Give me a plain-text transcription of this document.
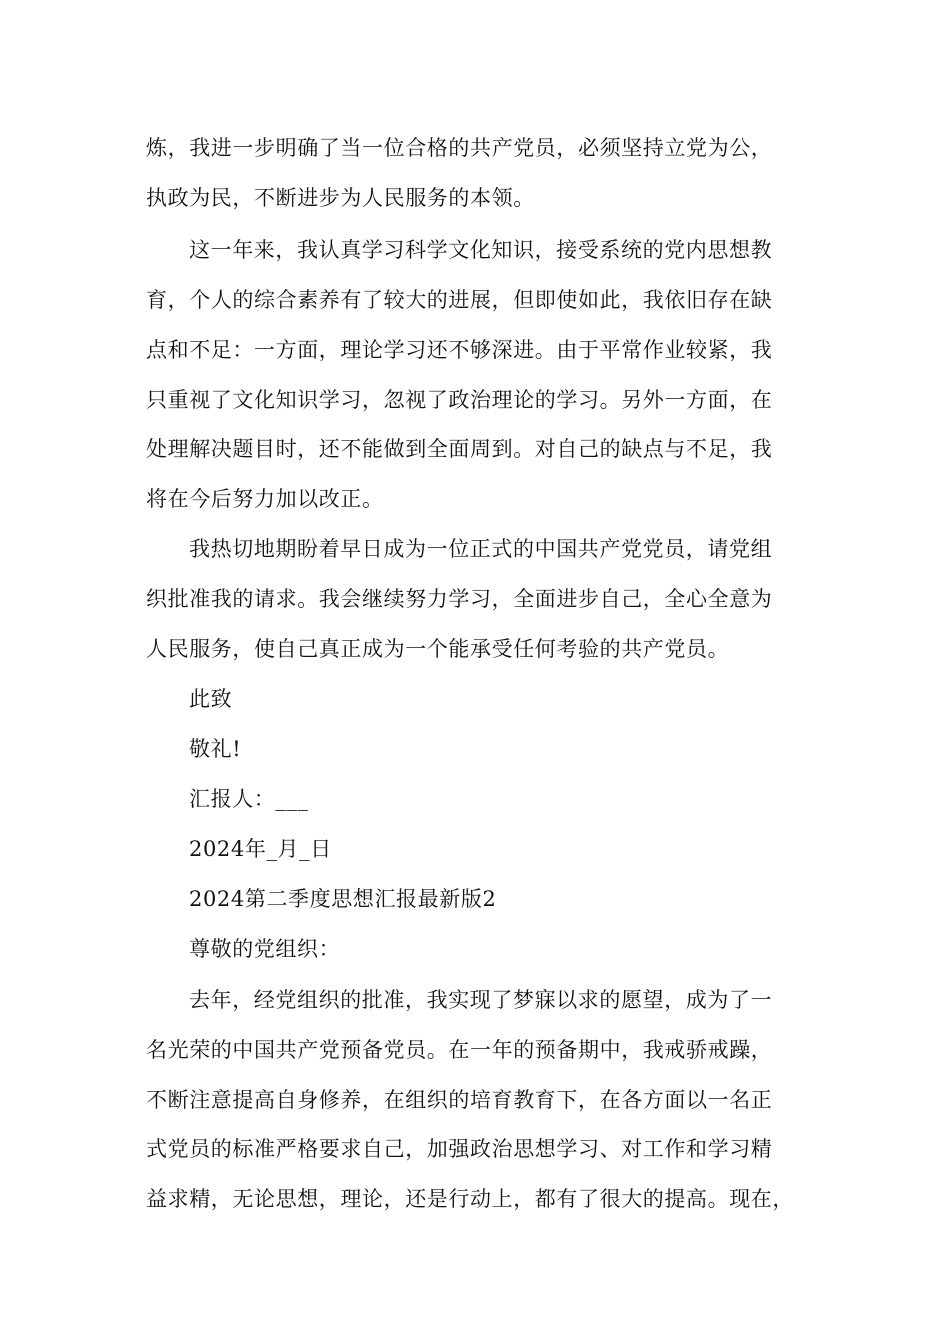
炼，我进一步明确了当一位合格的共产党员，必须坚持立党为公，
执政为民，不断进步为人民服务的本领。
这一年来，我认真学习科学文化知识，接受系统的党内思想教
育，个人的综合素养有了较大的进展，但即使如此，我依旧存在缺
点和不足：一方面，理论学习还不够深进。由于平常作业较紧，我
只重视了文化知识学习，忽视了政治理论的学习。另外一方面，在
处理解决题目时，还不能做到全面周到。对自己的缺点与不足，我
将在今后努力加以改正。
我热切地期盼着早日成为一位正式的中国共产党党员，请党组
织批准我的请求。我会继续努力学习，全面进步自己，全心全意为
人民服务，使自己真正成为一个能承受任何考验的共产党员。
此致
敬礼!
汇报人：___
2024年_月_日
2024第二季度思想汇报最新版2
尊敬的党组织：
去年，经党组织的批准，我实现了梦寐以求的愿望，成为了一
名光荣的中国共产党预备党员。在一年的预备期中，我戒骄戒躁，
不断注意提高自身修养，在组织的培育教育下，在各方面以一名正
式党员的标准严格要求自己，加强政治思想学习、对工作和学习精
益求精，无论思想，理论，还是行动上，都有了很大的提高。现在，
